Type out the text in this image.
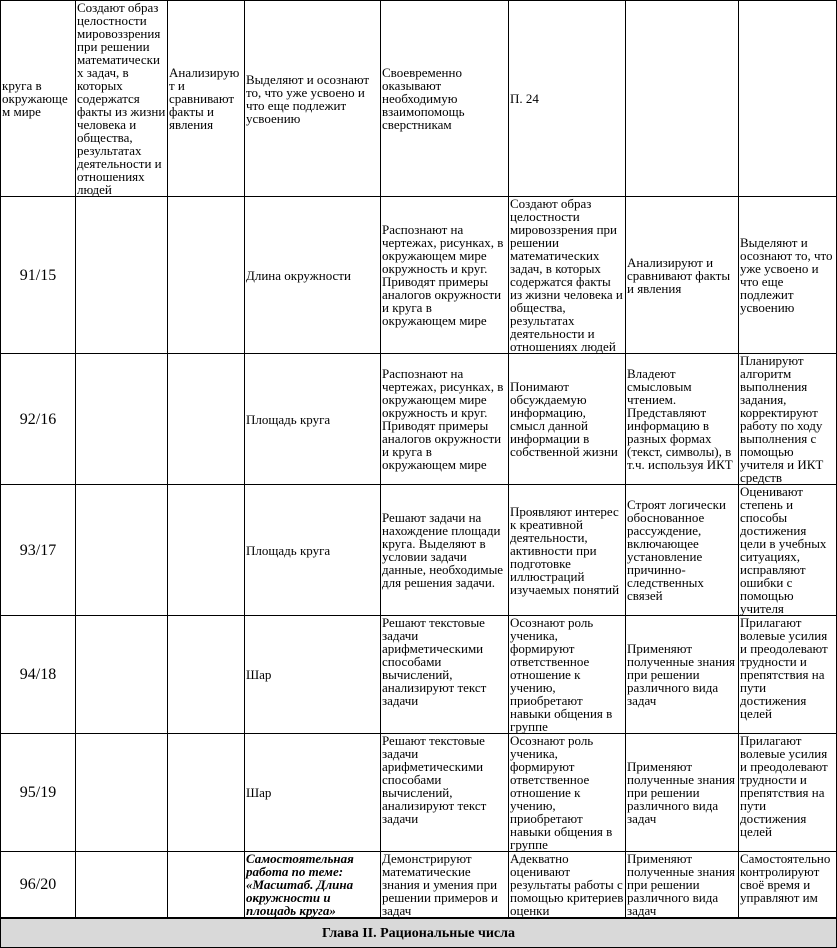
круга в окружающем мире	Создают образ целостности мировоззрения при решении математических задач, в которых содержатся факты из жизни человека и общества, результатах деятельности и отношениях людей	Анализируют и сравнивают факты и явления	Выделяют и осознают то, что уже усвоено и что еще подлежит усвоению	Своевременно оказывают необходимую взаимопомощь сверстникам	П. 24		
91/15			Длина окружности	Распознают на чертежах, рисунках, в окружающем мире окружность и круг. Приводят примеры аналогов окружности и круга в окружающем мире	Создают образ целостности мировоззрения при решении математических задач, в которых содержатся факты из жизни человека и общества, результатах деятельности и отношениях людей	Анализируют и сравнивают факты и явления	Выделяют и осознают то, что уже усвоено и что еще подлежит усвоению
92/16			Площадь круга	Распознают на чертежах, рисунках, в окружающем мире окружность и круг. Приводят примеры аналогов окружности и круга в окружающем мире	Понимают обсуждаемую информацию, смысл данной информации в собственной жизни	Владеют смысловым чтением. Представляют информацию в разных формах (текст, символы), в т.ч. используя ИКТ	Планируют алгоритм выполнения задания, корректируют работу по ходу выполнения с помощью учителя и ИКТ средств
93/17			Площадь круга	Решают задачи на нахождение площади круга. Выделяют в условии задачи данные, необходимые для решения задачи.	Проявляют интерес к креативной деятельности, активности при подготовке иллюстраций изучаемых понятий	Строят логически обоснованное рассуждение, включающее установление причинно-следственных связей	Оценивают степень и способы достижения цели в учебных ситуациях, исправляют ошибки с помощью учителя
94/18			Шар	Решают текстовые задачи арифметическими способами вычислений, анализируют текст задачи	Осознают роль ученика, формируют ответственное отношение к учению, приобретают навыки общения в группе	Применяют полученные знания при решении различного вида задач	Прилагают волевые усилия и преодолевают трудности и препятствия на пути достижения целей
95/19			Шар	Решают текстовые задачи арифметическими способами вычислений, анализируют текст задачи	Осознают роль ученика, формируют ответственное отношение к учению, приобретают навыки общения в группе	Применяют полученные знания при решении различного вида задач	Прилагают волевые усилия и преодолевают трудности и препятствия на пути достижения целей
96/20			Самостоятельная работа по теме: «Масштаб. Длина окружности и площадь круга»	Демонстрируют математические знания и умения при решении примеров и задач	Адекватно оценивают результаты работы с помощью критериев оценки	Применяют полученные знания при решении различного вида задач	Самостоятельно контролируют своё время и управляют им
Глава II. Рациональные числа							
